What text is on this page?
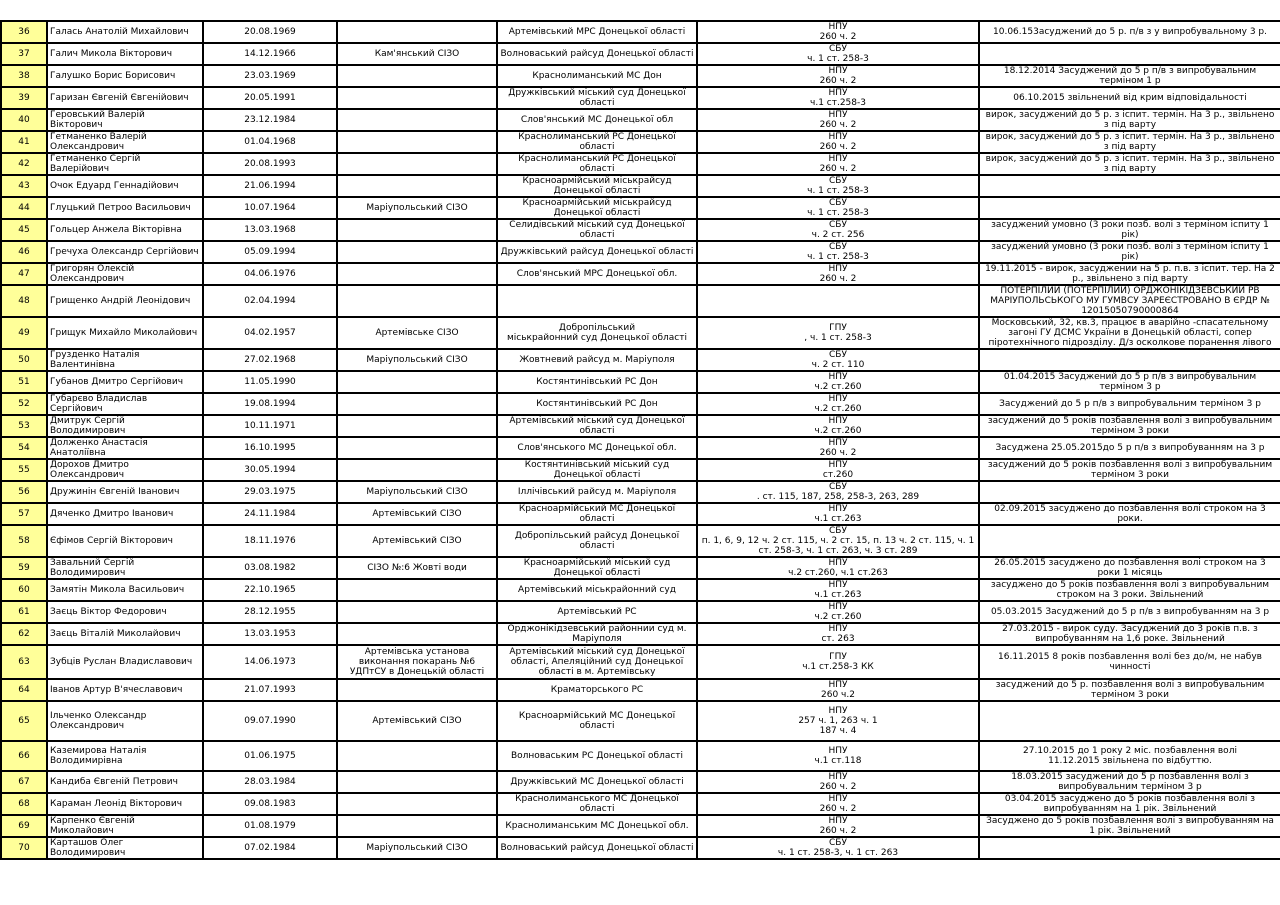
36	Галась Анатолій Михайлович	20.08.1969		Артемівський МРС Донецької області	НПУ
260 ч. 2	10.06.153асуджений до 5 р. п/в з у випробувальному 3 р.
37	Галич Микола Вікторович	14.12.1966	Кам'янський СІЗО	Волноваський райсуд Донецької області	СБУ
ч. 1 ст. 258-3	
38	Галушко Борис Борисович	23.03.1969		Краснолиманський МС Дон	НПУ
260 ч. 2	18.12.2014 Засуджений до 5 р п/в з випробувальним терміном 1 р
39	Гаризан Євгеній Євгенійович	20.05.1991		Дружківський міський суд Донецької області	НПУ
ч.1 ст.258-3	06.10.2015 звільнений від крим відповідальності
40	Геровський Валерій Вікторович	23.12.1984		Слов'янський МС Донецької обл	НПУ
260 ч. 2	вирок, засуджений до 5 р. з іспит. термін. На 3 р., звільнено з під варту
41	Гетманенко Валерій Олександрович	01.04.1968		Краснолиманський РС Донецької області	НПУ
260 ч. 2	вирок, засуджений до 5 р. з іспит. термін. На 3 р., звільнено з під варту
42	Гетманенко Сергій Валерійович	20.08.1993		Краснолиманський РС Донецької області	НПУ
260 ч. 2	вирок, засуджений до 5 р. з іспит. термін. На 3 р., звільнено з під варту
43	Очок Едуард Геннадійович	21.06.1994		Красноармійський міськрайсуд Донецької області	СБУ
ч. 1 ст. 258-3	
44	Глуцький Петроо Васильович	10.07.1964	Маріупольський СІЗО	Красноармійський міськрайсуд Донецької області	СБУ
ч. 1 ст. 258-3	
45	Гольцер Анжела Вікторівна	13.03.1968		Селидівський міський суд Донецької області	СБУ
ч. 2 ст. 256	засуджений умовно (3 роки позб. волі з терміном іспиту 1 рік)
46	Гречуха Олександр Сергійович	05.09.1994		Дружківський райсуд Донецької області	СБУ
ч. 1 ст. 258-3	засуджений умовно (3 роки позб. волі з терміном іспиту 1 рік)
47	Григорян Олексій Олександрович	04.06.1976		Слов'янський МРС Донецької обл.	НПУ
260 ч. 2	19.11.2015 - вирок, засуджении на 5 р. п.в. з іспит. тер. На 2 р., звільнено з під варту
48	Грищенко Андрій Леонідович	02.04.1994				ПОТЕРПІЛИЙ (ПОТЕРПІЛИЙ) ОРДЖОНІКІДЗЕВСЬКИЙ РВ МАРІУПОЛЬСЬКОГО МУ ГУМВСУ ЗАРЕЄСТРОВАНО В ЄРДР № 12015050790000864
49	Грищук Михайло Миколайович	04.02.1957	Артемівське СІЗО	Добропільський
міськрайонний суд Донецької області	ГПУ
, ч. 1 ст. 258-3	Московський, 32, кв.3, працює в аварійно -спасательному загоні ГУ ДСМС України в Донецькій області, сопер піротехнічного підрозділу. Д/з осколкове поранення лівого
50	Грузденко Наталія Валентинівна	27.02.1968	Маріупольський СІЗО	Жовтневий райсуд м. Маріуполя	СБУ
ч. 2 ст. 110	
51	Губанов Дмитро Сергійович	11.05.1990		Костянтинівський РС Дон	НПУ
ч.2 ст.260	01.04.2015 Засуджений до 5 р п/в з випробувальним терміном 3 р
52	Губарєво Владислав Сергійович	19.08.1994		Костянтинівський РС Дон	НПУ
ч.2 ст.260	Засуджений до 5 р п/в з випробувальним терміном 3 р
53	Дмитрук Сергій Володимирович	10.11.1971		Артемівський міський суд Донецької області	НПУ
ч.2 ст.260	засуджений до 5 років позбавлення волі з випробувальним терміном 3 роки
54	Долженко Анастасія Анатоліївна	16.10.1995		Слов'янського МС Донецької обл.	НПУ
260 ч. 2	Засуджена 25.05.2015до 5 р п/в з випробуванням на 3 р
55	Дорохов Дмитро Олександрович	30.05.1994		Костянтинівський міський суд Донецької області	НПУ
ст.260	засуджений до 5 років позбавлення волі з випробувальним терміном 3 роки
56	Дружинін Євгеній Іванович	29.03.1975	Маріупольський СІЗО	Іллічівський райсуд м. Маріуполя	СБУ
. ст. 115, 187, 258, 258-3, 263, 289	
57	Дяченко Дмитро Іванович	24.11.1984	Артемівський СІЗО	Красноармійський МС Донецької області	НПУ
ч.1 ст.263	02.09.2015 засуджено до позбавлення волі строком на 3 роки.
58	Єфімов Сергій Вікторович	18.11.1976	Артемівський СІЗО	Добропільський райсуд Донецької області	СБУ
п. 1, 6, 9, 12 ч. 2 ст. 115, ч. 2 ст. 15, п. 13 ч. 2 ст. 115, ч. 1 ст. 258-3, ч. 1 ст. 263, ч. 3 ст. 289	
59	Завальний Сергій Володимирович	03.08.1982	СІЗО №:6 Жовті води	Красноармійський міський суд Донецької області	НПУ
ч.2 ст.260, ч.1 ст.263	26.05.2015 засуджено до позбавлення волі строком на 3 роки 1 місяць
60	Замятін Микола Васильович	22.10.1965		Артемівський міськрайонний суд	НПУ
ч.1 ст.263	засуджено до 5 років позбавлення волі з випробувальним строком на 3 роки. Звільнений
61	Заєць Віктор Федорович	28.12.1955		Артемівський РС	НПУ
ч.2 ст.260	05.03.2015 Засуджений до 5 р п/в з випробуванням на 3 р
62	Заєць Віталій Миколайович	13.03.1953		Орджонікідзевський районнии суд м. Маріуполя	НПУ
ст. 263	27.03.2015 - вирок суду. Засуджений до 3 років п.в. з випробуванням на 1,6 роке. Звільнений
63	Зубців Руслан Владиславович	14.06.1973	Артемівська установа виконання покарань №6 УДПтСУ в Донецькій області	Артемівський міський суд Донецької області, Апеляційний суд Донецької області в м. Артемівську	ГПУ
ч.1 ст.258-3 КК	16.11.2015 8 років позбавлення волі без до/м, не набув чинності
64	Іванов Артур В'ячеславович	21.07.1993		Краматорського РС	НПУ
260 ч.2	засуджений до 5 р. позбавлення волі з випробувальним терміном 3 роки
65	Ільченко Олександр Олександрович	09.07.1990	Артемівський СІЗО	Красноармійський МС Донецької області	НПУ
257 ч. 1, 263 ч. 1
187 ч. 4	
66	Каземирова Наталія Володимирівна	01.06.1975		Волноваським РС Донецької області	НПУ
ч.1 ст.118	27.10.2015 до 1 року 2 міс. позбавлення волі
11.12.2015 звільнена по відбуттю.
67	Кандиба Євгеній Петрович	28.03.1984		Дружківський МС Донецької області	НПУ
260 ч. 2	18.03.2015 засуджений до 5 р позбавлення волі з випробувальним терміном 3 р
68	Караман Леонід Вікторович	09.08.1983		Краснолиманського МС Донецької області	НПУ
260 ч. 2	03.04.2015 засуджено до 5 років позбавлення волі з випробуванням на 1 рік. Звільнений
69	Карпенко Євгеній Миколайович	01.08.1979		Краснолиманським МС Донецької обл.	НПУ
260 ч. 2	Засуджено до 5 років позбавлення волі з випробуванням на 1 рік. Звільнений
70	Карташов Олег Володимирович	07.02.1984	Маріупольський СІЗО	Волноваський райсуд Донецької області	СБУ
ч. 1 ст. 258-3, ч. 1 ст. 263	
